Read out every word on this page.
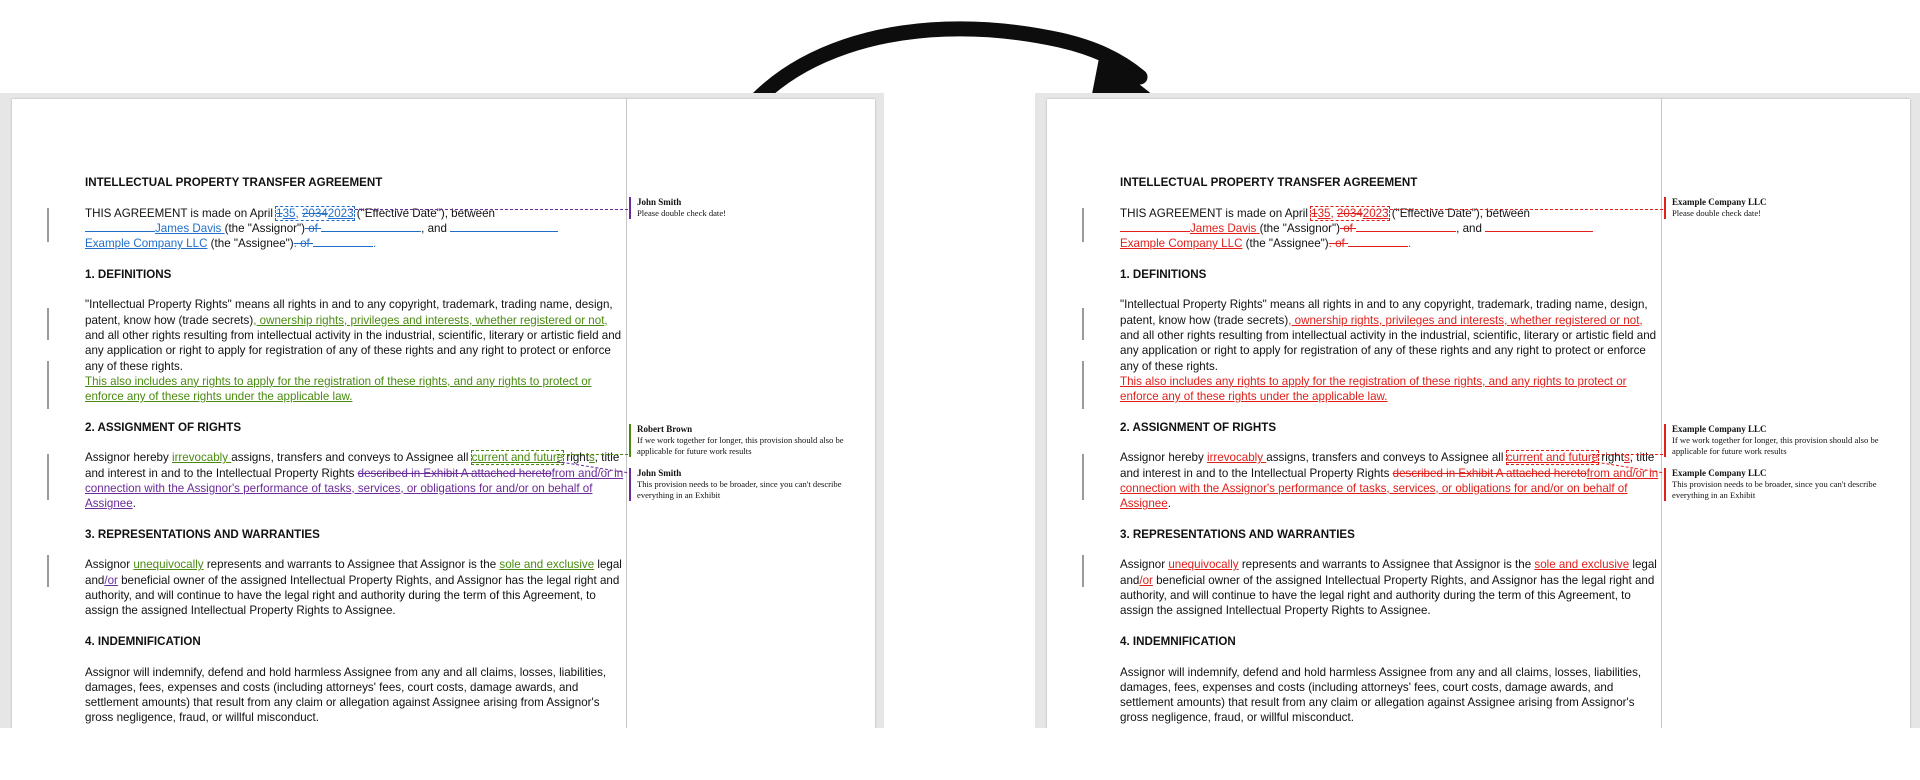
INTELLECTUAL PROPERTY TRANSFER AGREEMENT

THIS AGREEMENT is made on April 135, 20342023 ("Effective Date"), between
James Davis (the "Assignor") of	, and
Example Company LLC (the "Assignee"). of	.

1. DEFINITIONS

"Intellectual Property Rights" means all rights in and to any copyright, trademark, trading name, design, patent, know how (trade secrets), ownership rights, privileges and interests, whether registered or not, and all other rights resulting from intellectual activity in the industrial, scientific, literary or artistic field and any application or right to apply for registration of any of these rights and any right to protect or enforce any of these rights.
This also includes any rights to apply for the registration of these rights, and any rights to protect or enforce any of these rights under the applicable law.

2. ASSIGNMENT OF RIGHTS

Assignor hereby irrevocably assigns, transfers and conveys to Assignee all current and future rights, title and interest in and to the Intellectual Property Rights described in Exhibit A attached heretofrom and/or in connection with the Assignor's performance of tasks, services, or obligations for and/or on behalf of Assignee.

3. REPRESENTATIONS AND WARRANTIES

Assignor unequivocally represents and warrants to Assignee that Assignor is the sole and exclusive legal and/or beneficial owner of the assigned Intellectual Property Rights, and Assignor has the legal right and authority, and will continue to have the legal right and authority during the term of this Agreement, to assign the assigned Intellectual Property Rights to Assignee.

4. INDEMNIFICATION

Assignor will indemnify, defend and hold harmless Assignee from any and all claims, losses, liabilities, damages, fees, expenses and costs (including attorneys' fees, court costs, damage awards, and settlement amounts) that result from any claim or allegation against Assignee arising from Assignor's gross negligence, fraud, or willful misconduct.

John Smith
Please double check date!
Robert Brown
If we work together for longer, this provision should also be applicable for future work results
John Smith
This provision needs to be broader, since you can't describe everything in an Exhibit

INTELLECTUAL PROPERTY TRANSFER AGREEMENT

THIS AGREEMENT is made on April 135, 20342023 ("Effective Date"), between
James Davis (the "Assignor") of	, and
Example Company LLC (the "Assignee"). of	.

1. DEFINITIONS

"Intellectual Property Rights" means all rights in and to any copyright, trademark, trading name, design, patent, know how (trade secrets), ownership rights, privileges and interests, whether registered or not, and all other rights resulting from intellectual activity in the industrial, scientific, literary or artistic field and any application or right to apply for registration of any of these rights and any right to protect or enforce any of these rights.
This also includes any rights to apply for the registration of these rights, and any rights to protect or enforce any of these rights under the applicable law.

2. ASSIGNMENT OF RIGHTS

Assignor hereby irrevocably assigns, transfers and conveys to Assignee all current and future rights, title and interest in and to the Intellectual Property Rights described in Exhibit A attached heretofrom and/or in connection with the Assignor's performance of tasks, services, or obligations for and/or on behalf of Assignee.

3. REPRESENTATIONS AND WARRANTIES

Assignor unequivocally represents and warrants to Assignee that Assignor is the sole and exclusive legal and/or beneficial owner of the assigned Intellectual Property Rights, and Assignor has the legal right and authority, and will continue to have the legal right and authority during the term of this Agreement, to assign the assigned Intellectual Property Rights to Assignee.

4. INDEMNIFICATION

Assignor will indemnify, defend and hold harmless Assignee from any and all claims, losses, liabilities, damages, fees, expenses and costs (including attorneys' fees, court costs, damage awards, and settlement amounts) that result from any claim or allegation against Assignee arising from Assignor's gross negligence, fraud, or willful misconduct.

Example Company LLC
Please double check date!
Example Company LLC
If we work together for longer, this provision should also be applicable for future work results
Example Company LLC
This provision needs to be broader, since you can't describe everything in an Exhibit
